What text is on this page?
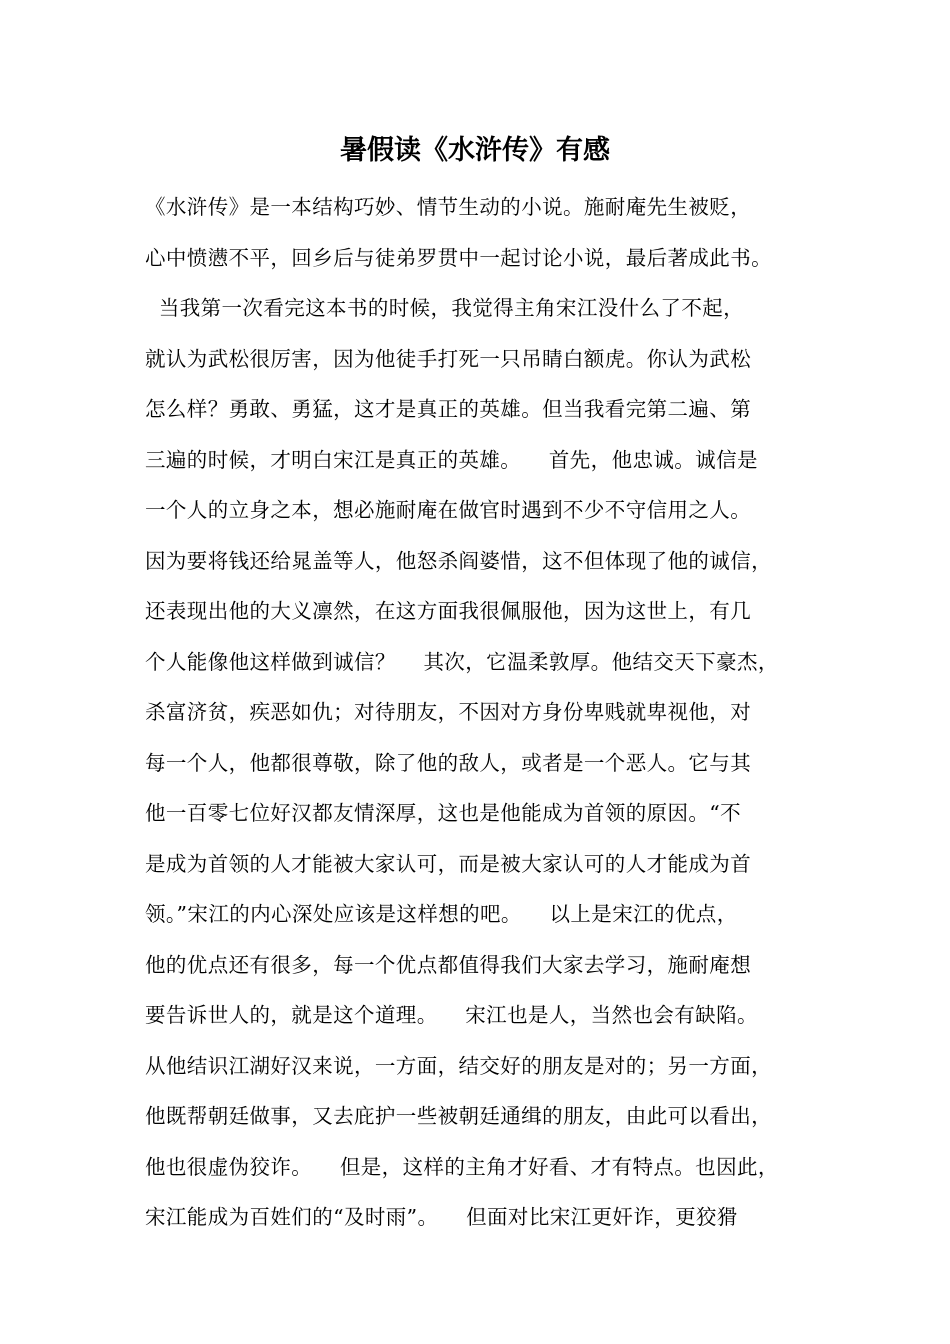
暑假读《水浒传》有感
《水浒传》是一本结构巧妙、情节生动的小说。施耐庵先生被贬，
心中愤懑不平，回乡后与徒弟罗贯中一起讨论小说，最后著成此书。
当我第一次看完这本书的时候，我觉得主角宋江没什么了不起，
就认为武松很厉害，因为他徒手打死一只吊睛白额虎。你认为武松
怎么样？勇敢、勇猛，这才是真正的英雄。但当我看完第二遍、第
三遍的时候，才明白宋江是真正的英雄。    首先，他忠诚。诚信是
一个人的立身之本，想必施耐庵在做官时遇到不少不守信用之人。
因为要将钱还给晁盖等人，他怒杀阎婆惜，这不但体现了他的诚信，
还表现出他的大义凛然，在这方面我很佩服他，因为这世上，有几
个人能像他这样做到诚信？    其次，它温柔敦厚。他结交天下豪杰，
杀富济贫，疾恶如仇；对待朋友，不因对方身份卑贱就卑视他，对
每一个人，他都很尊敬，除了他的敌人，或者是一个恶人。它与其
他一百零七位好汉都友情深厚，这也是他能成为首领的原因。“不
是成为首领的人才能被大家认可，而是被大家认可的人才能成为首
领。”宋江的内心深处应该是这样想的吧。    以上是宋江的优点，
他的优点还有很多，每一个优点都值得我们大家去学习，施耐庵想
要告诉世人的，就是这个道理。    宋江也是人，当然也会有缺陷。
从他结识江湖好汉来说，一方面，结交好的朋友是对的；另一方面，
他既帮朝廷做事，又去庇护一些被朝廷通缉的朋友，由此可以看出，
他也很虚伪狡诈。    但是，这样的主角才好看、才有特点。也因此，
宋江能成为百姓们的“及时雨”。    但面对比宋江更奸诈，更狡猾
